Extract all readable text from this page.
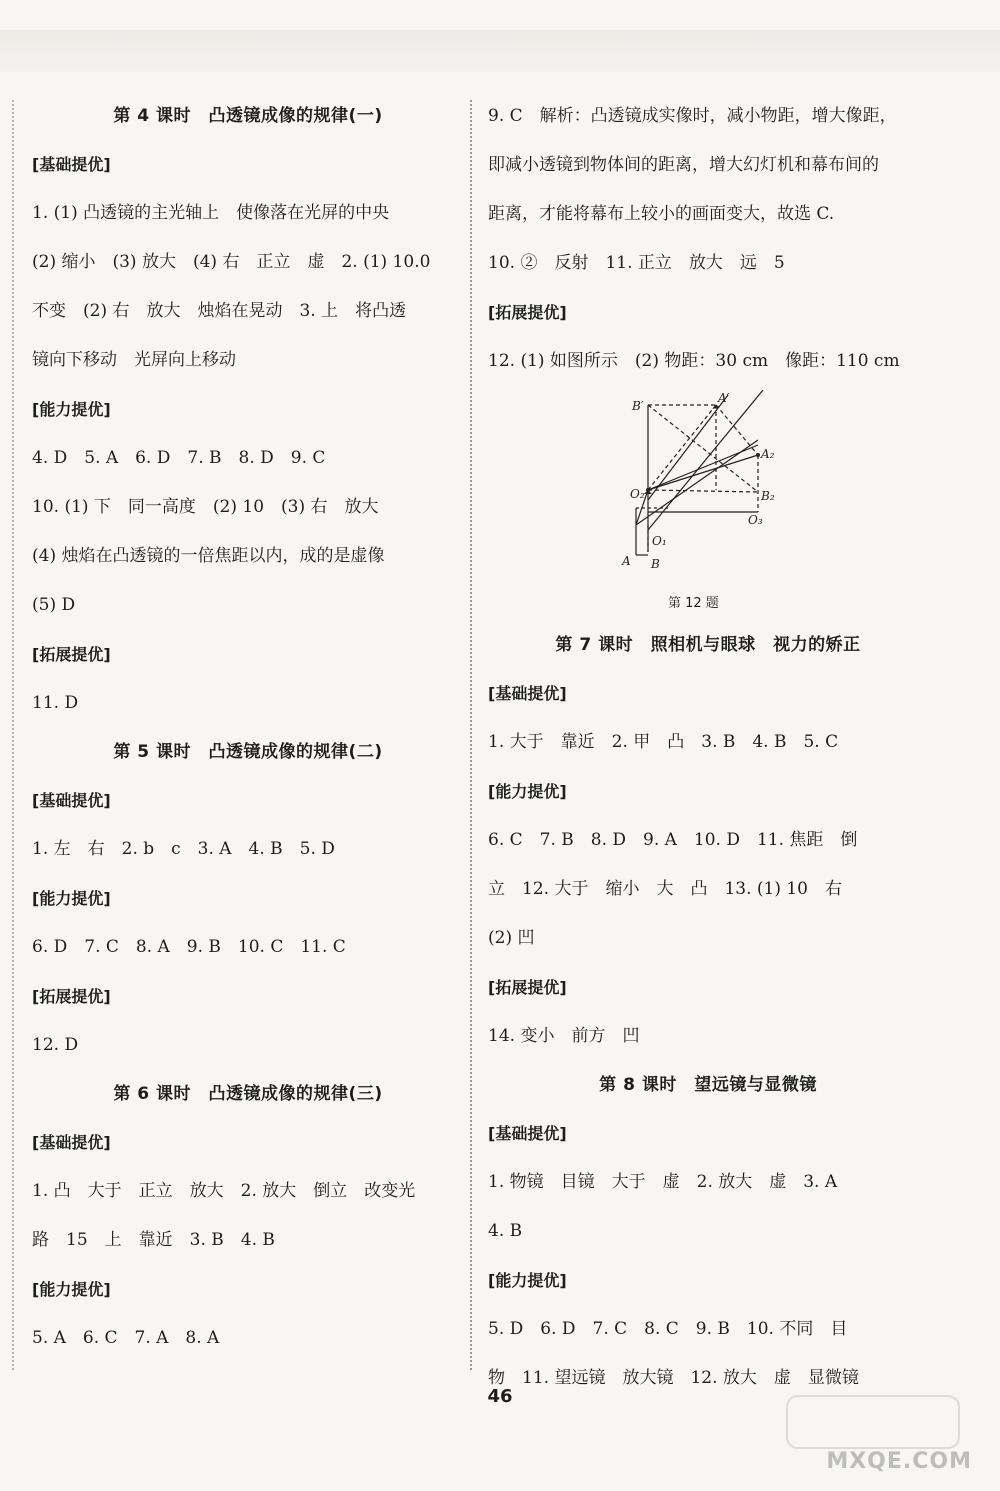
第 4 课时　凸透镜成像的规律(一)
[基础提优]
1. (1) 凸透镜的主光轴上　使像落在光屏的中央
(2) 缩小　(3) 放大　(4) 右　正立　虚　2. (1) 10.0
不变　(2) 右　放大　烛焰在晃动　3. 上　将凸透
镜向下移动　光屏向上移动
[能力提优]
4. D　5. A　6. D　7. B　8. D　9. C
10. (1) 下　同一高度　(2) 10　(3) 右　放大
(4) 烛焰在凸透镜的一倍焦距以内，成的是虚像
(5) D
[拓展提优]
11. D
第 5 课时　凸透镜成像的规律(二)
[基础提优]
1. 左　右　2. b　c　3. A　4. B　5. D
[能力提优]
6. D　7. C　8. A　9. B　10. C　11. C
[拓展提优]
12. D
第 6 课时　凸透镜成像的规律(三)
[基础提优]
1. 凸　大于　正立　放大　2. 放大　倒立　改变光
路　15　上　靠近　3. B　4. B
[能力提优]
5. A　6. C　7. A　8. A
9. C　解析：凸透镜成实像时，减小物距，增大像距，
即减小透镜到物体间的距离，增大幻灯机和幕布间的
距离，才能将幕布上较小的画面变大，故选 C.
10. ②　反射　11. 正立　放大　远　5
[拓展提优]
12. (1) 如图所示　(2) 物距：30 cm　像距：110 cm
B′
A′
A₂
B₂
O₂
O₃
O₁
A B
第 12 题
第 7 课时　照相机与眼球　视力的矫正
[基础提优]
1. 大于　靠近　2. 甲　凸　3. B　4. B　5. C
[能力提优]
6. C　7. B　8. D　9. A　10. D　11. 焦距　倒
立　12. 大于　缩小　大　凸　13. (1) 10　右
(2) 凹
[拓展提优]
14. 变小　前方　凹
第 8 课时　望远镜与显微镜
[基础提优]
1. 物镜　目镜　大于　虚　2. 放大　虚　3. A
4. B
[能力提优]
5. D　6. D　7. C　8. C　9. B　10. 不同　目
物　11. 望远镜　放大镜　12. 放大　虚　显微镜
46
MXQE.COM
